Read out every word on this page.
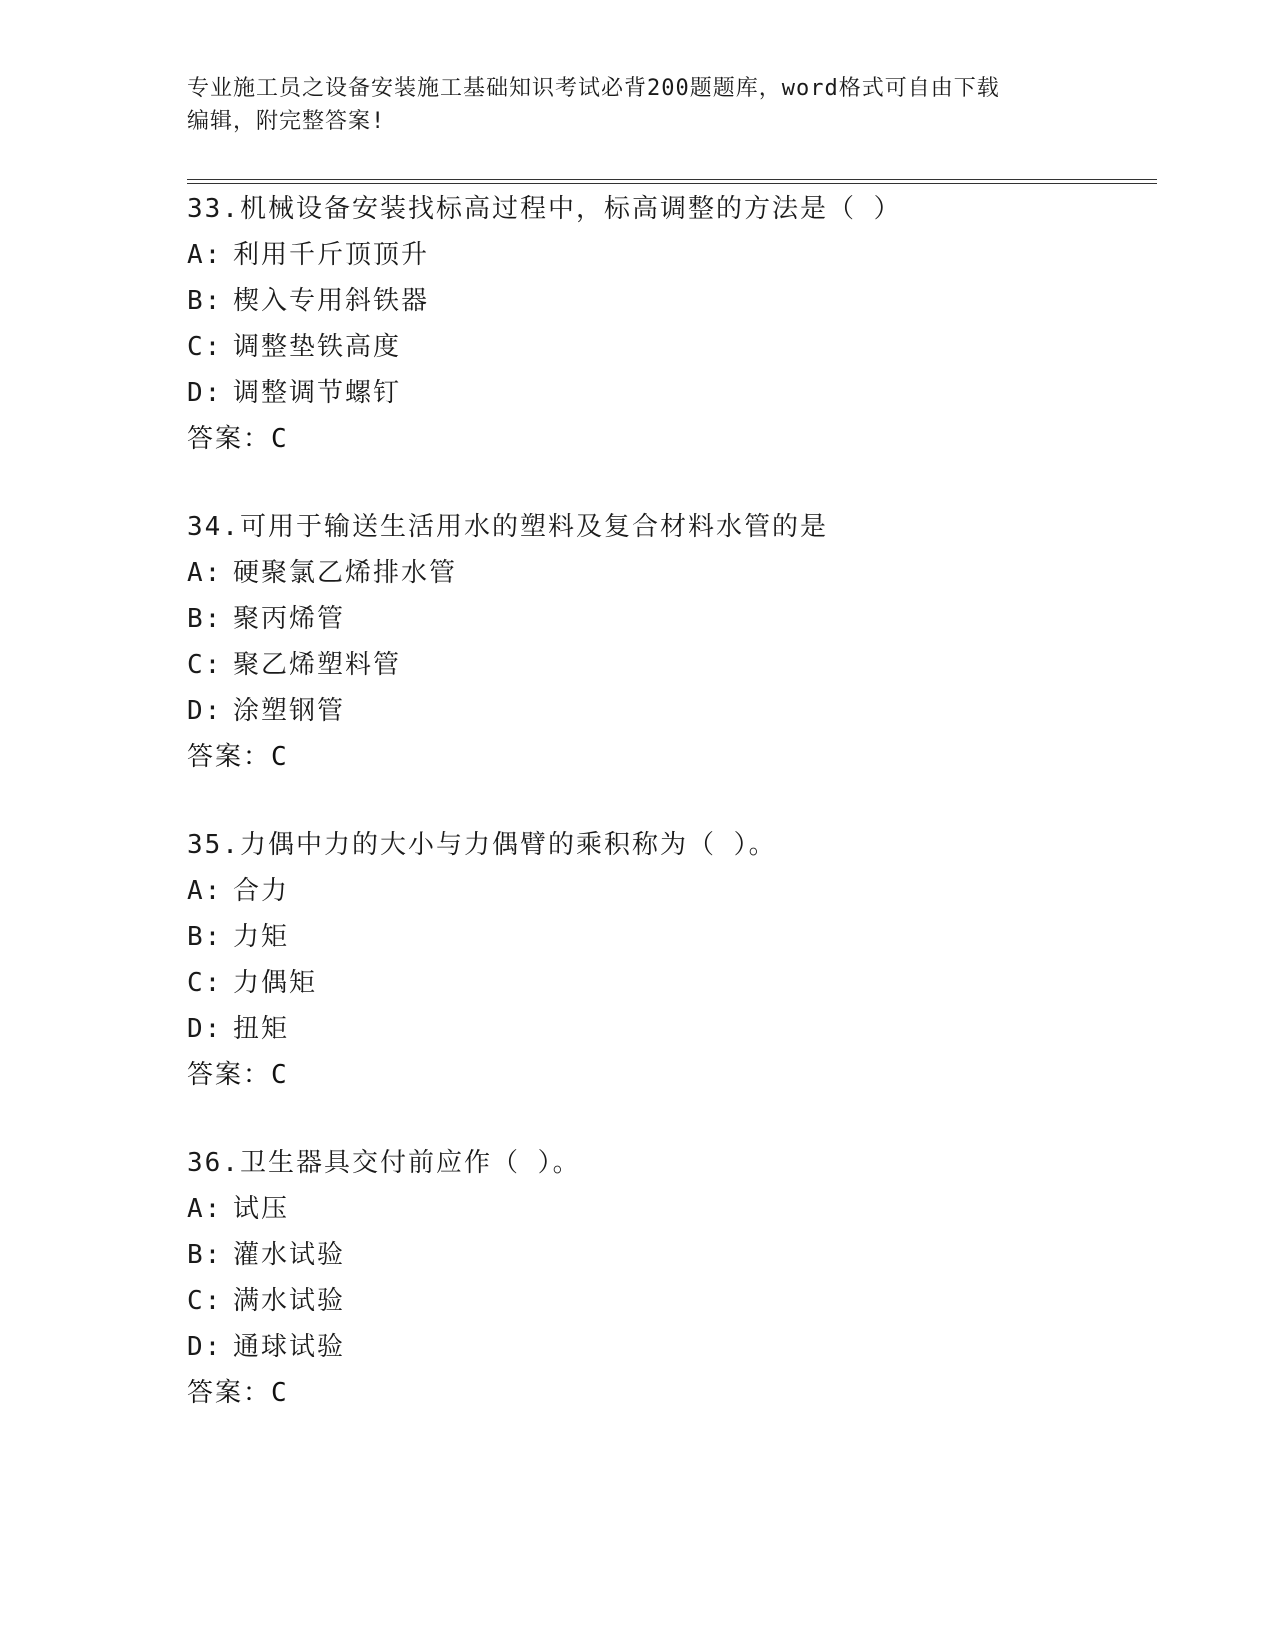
专业施工员之设备安装施工基础知识考试必背200题题库，word格式可自由下载
编辑，附完整答案!
33.机械设备安装找标高过程中，标高调整的方法是（ ）
A: 利用千斤顶顶升
B: 楔入专用斜铁器
C: 调整垫铁高度
D: 调整调节螺钉
答案：C
34.可用于输送生活用水的塑料及复合材料水管的是
A: 硬聚氯乙烯排水管
B: 聚丙烯管
C: 聚乙烯塑料管
D: 涂塑钢管
答案：C
35.力偶中力的大小与力偶臂的乘积称为（ ）。
A: 合力
B: 力矩
C: 力偶矩
D: 扭矩
答案：C
36.卫生器具交付前应作（ ）。
A: 试压
B: 灌水试验
C: 满水试验
D: 通球试验
答案：C
